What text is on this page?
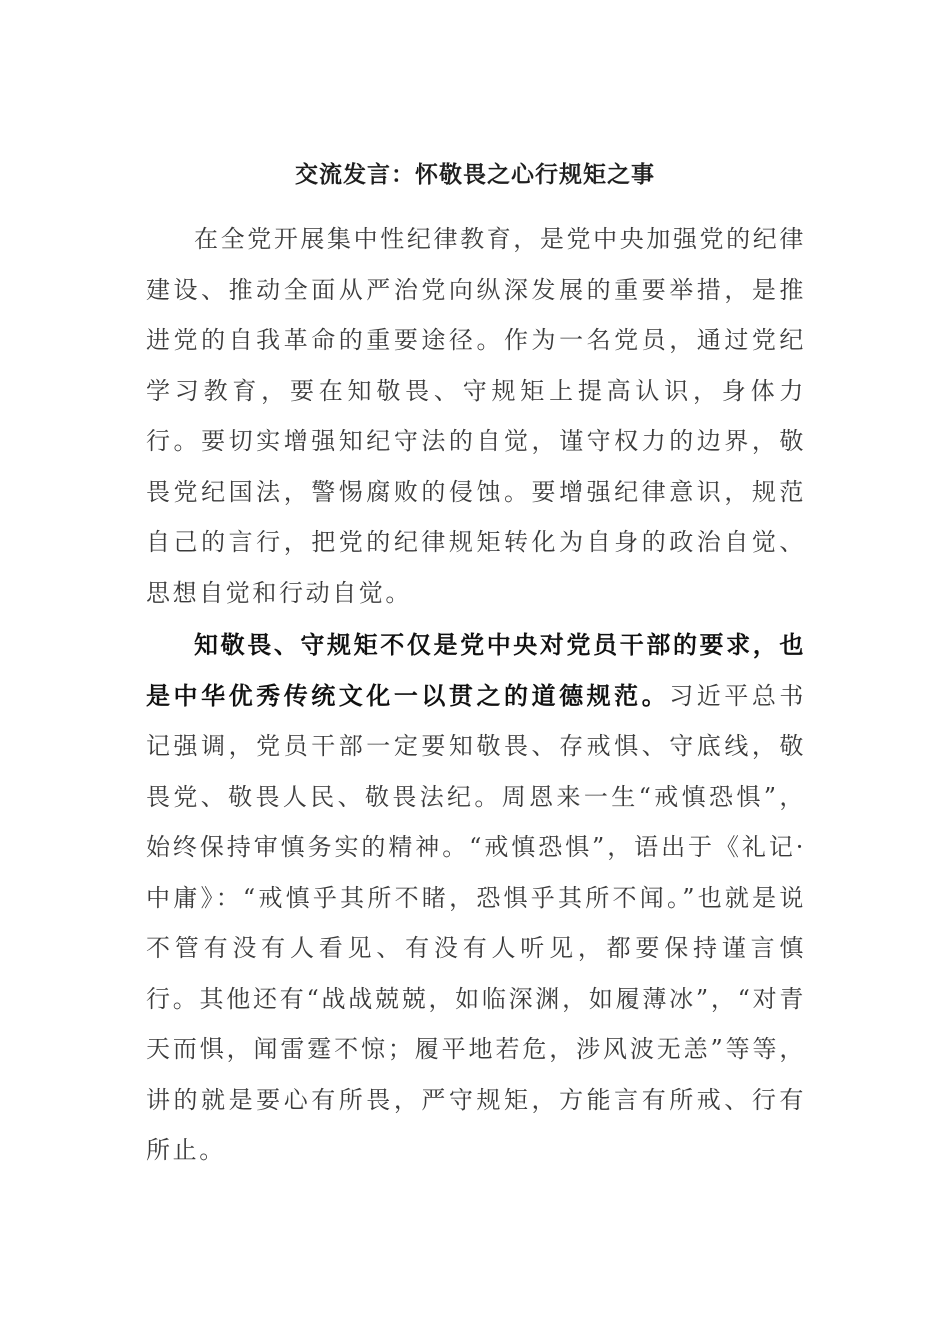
交流发言：怀敬畏之心行规矩之事

在全党开展集中性纪律教育，是党中央加强党的纪律建设、推动全面从严治党向纵深发展的重要举措，是推进党的自我革命的重要途径。作为一名党员，通过党纪学习教育，要在知敬畏、守规矩上提高认识，身体力行。要切实增强知纪守法的自觉，谨守权力的边界，敬畏党纪国法，警惕腐败的侵蚀。要增强纪律意识，规范自己的言行，把党的纪律规矩转化为自身的政治自觉、思想自觉和行动自觉。

知敬畏、守规矩不仅是党中央对党员干部的要求，也是中华优秀传统文化一以贯之的道德规范。习近平总书记强调，党员干部一定要知敬畏、存戒惧、守底线，敬畏党、敬畏人民、敬畏法纪。周恩来一生“戒慎恐惧”，始终保持审慎务实的精神。“戒慎恐惧”，语出于《礼记·中庸》：“戒慎乎其所不睹，恐惧乎其所不闻。”也就是说不管有没有人看见、有没有人听见，都要保持谨言慎行。其他还有“战战兢兢，如临深渊，如履薄冰”，“对青天而惧，闻雷霆不惊；履平地若危，涉风波无恙”等等，讲的就是要心有所畏，严守规矩，方能言有所戒、行有所止。
